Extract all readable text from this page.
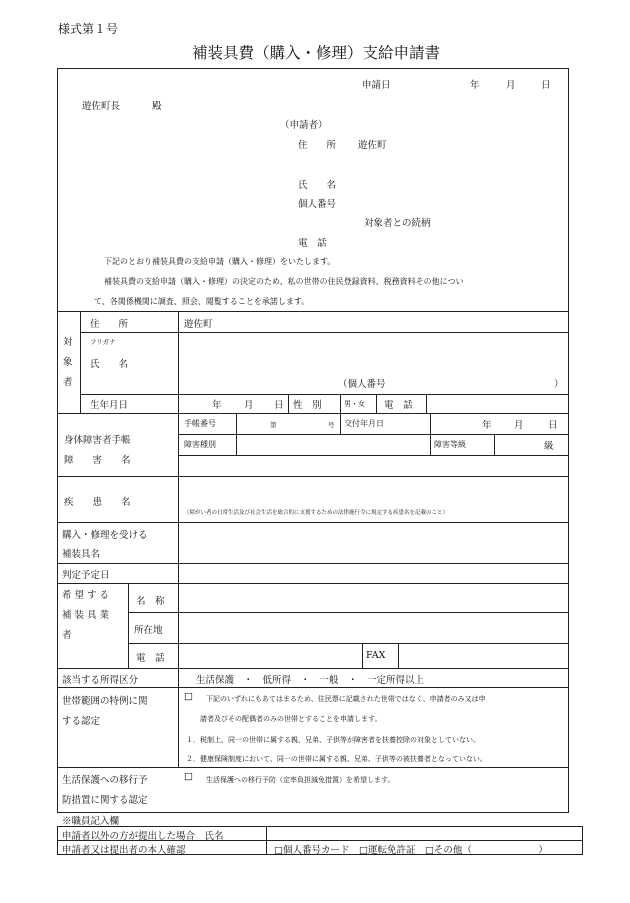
様式第１号
補装具費（購入・修理）支給申請書
申請日	年	月	日
遊佐町長	殿
（申請者）
住　　所 遊佐町
氏　　名
個人番号
対象者との続柄
電　話
下記のとおり補装具費の支給申請（購入・修理）をいたします。
補装具費の支給申請（購入・修理）の決定のため、私の世帯の住民登録資料、税務資料その他につい
て、各関係機関に調査、照会、閲覧することを承諾します。
対
象
者
住　　所	遊佐町
フリガナ
氏　　名
（個人番号	）
生年月日	年 月 日 性　別	男・女 電　話
身体障害者手帳
障　　害　　名
手帳番号	第	号 交付年月日	年 月	日
障害種別	障害等級	級
疾　　患　　名
（障がい者の日常生活及び社会生活を総合的に支援するための法律施行令に規定する疾患名を記載のこと）
購入・修理を受ける
補装具名
判定予定日
希 望 す る
補 装 具 業
者
名　称
所在地
電　話	FAX
該当する所得区分	生活保護　・　低所得　・　一般　・　一定所得以上
世帯範囲の特例に関
する認定
□ 下記のいずれにもあてはまるため、住民票に記載された世帯ではなく、申請者のみ又は申
請者及びその配偶者のみの世帯とすることを申請します。
１．税制上、同一の世帯に属する親、兄弟、子供等が障害者を扶養控除の対象としていない。
２．健康保険制度において、同一の世帯に属する親、兄弟、子供等の被扶養者となっていない。
生活保護への移行予
防措置に関する認定
□ 生活保護への移行予防（定率負担減免措置）を希望します。
※職員記入欄
申請者以外の方が提出した場合　氏名
申請者又は提出者の本人確認	□個人番号カード　□運転免許証　□その他（　　　　　　　）
